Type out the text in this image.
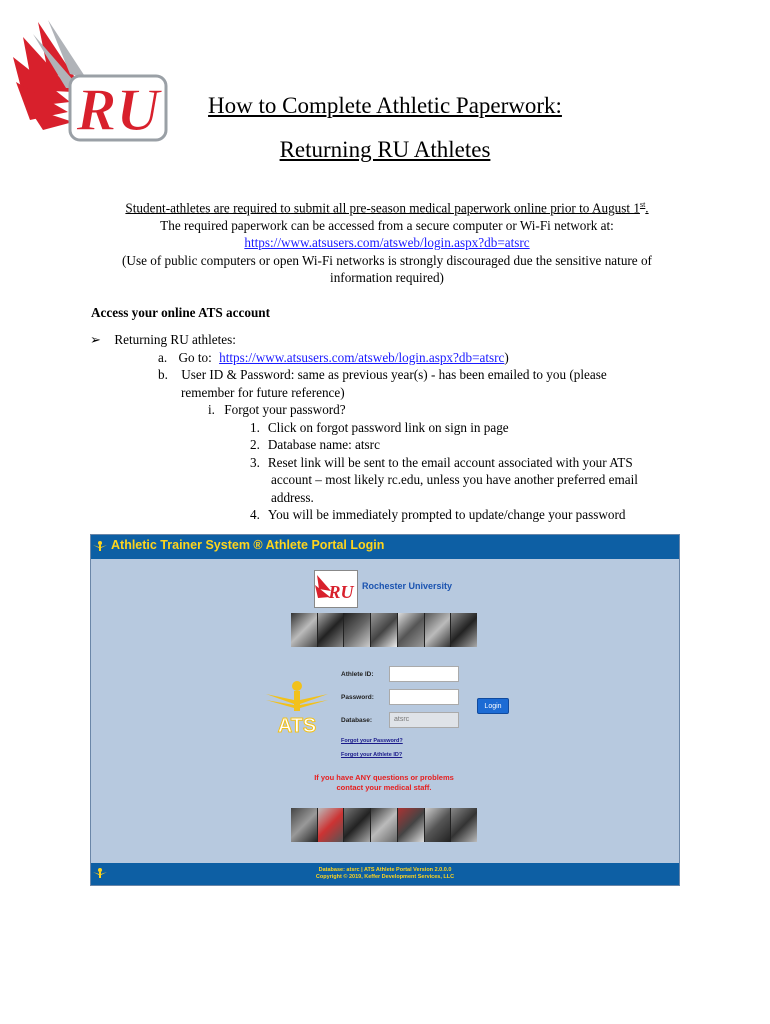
RU	How to Complete Athletic Paperwork:
Returning RU Athletes
Student-athletes are required to submit all pre-season medical paperwork online prior to August 1st.
The required paperwork can be accessed from a secure computer or Wi-Fi network at:
https://www.atsusers.com/atsweb/login.aspx?db=atsrc
(Use of public computers or open Wi-Fi networks is strongly discouraged due the sensitive nature of
information required)
Access your online ATS account
➢ Returning RU athletes:
a. Go to: https://www.atsusers.com/atsweb/login.aspx?db=atsrc)
b. User ID & Password: same as previous year(s) - has been emailed to you (please
remember for future reference)
i. Forgot your password?
1. Click on forgot password link on sign in page
2. Database name: atsrc
3. Reset link will be sent to the email account associated with your ATS
account – most likely rc.edu, unless you have another preferred email
address.
4. You will be immediately prompted to update/change your password
Athletic Trainer System ® Athlete Portal Login
RU Rochester University
ATS
Athlete ID:
Password:
Database:	atsrc
Login
Forgot your Password?
Forgot your Athlete ID?
If you have ANY questions or problems
contact your medical staff.
Database: atsrc | ATS Athlete Portal Version 2.0.0.0
Copyright © 2019, Keffer Development Services, LLC
